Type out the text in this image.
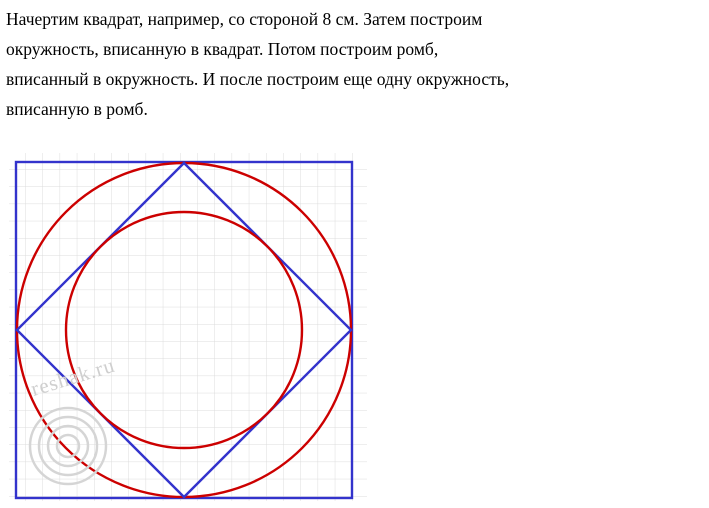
Начертим квадрат, например, со стороной 8 см. Затем построим

окружность, вписанную в квадрат. Потом построим ромб,

вписанный в окружность. И после построим еще одну окружность,

вписанную в ромб.

reshak.ru
